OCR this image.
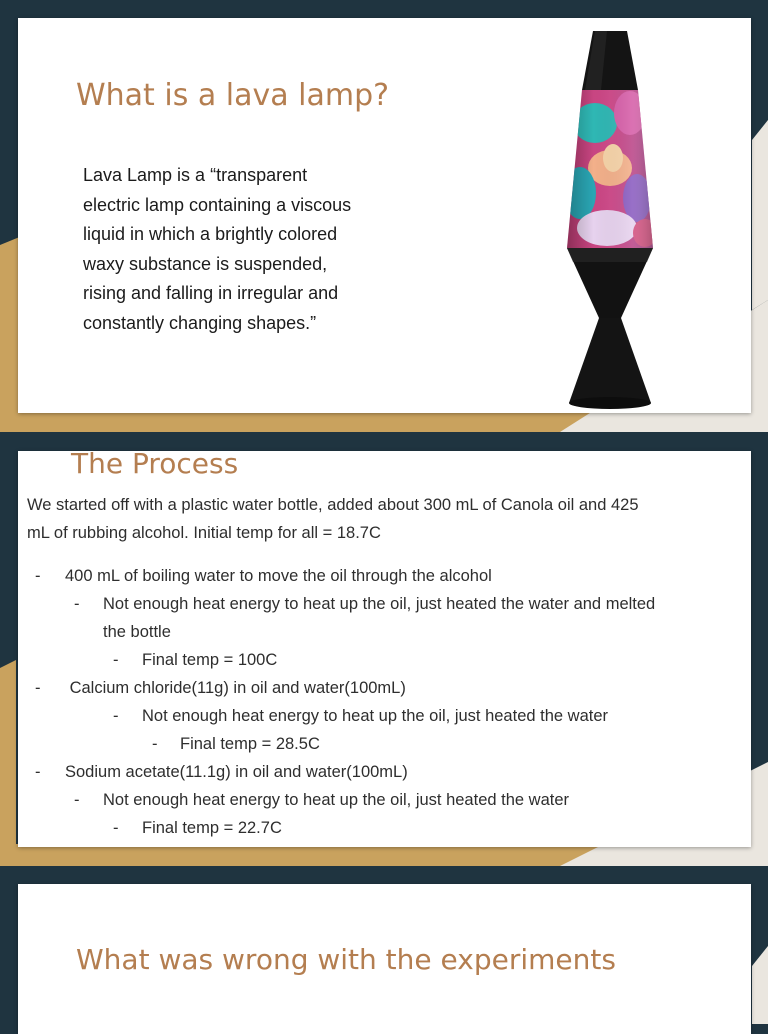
What is a lava lamp?

Lava Lamp is a “transparent

electric lamp containing a viscous

liquid in which a brightly colored

waxy substance is suspended,

rising and falling in irregular and

constantly changing shapes.”

The Process

We started off with a plastic water bottle, added about 300 mL of Canola oil and 425

mL of rubbing alcohol. Initial temp for all = 18.7C

- 400 mL of boiling water to move the oil through the alcohol
- Not enough heat energy to heat up the oil, just heated the water and melted
the bottle
- Final temp = 100C
- Calcium chloride(11g) in oil and water(100mL)
- Not enough heat energy to heat up the oil, just heated the water
- Final temp = 28.5C
- Sodium acetate(11.1g) in oil and water(100mL)
- Not enough heat energy to heat up the oil, just heated the water
- Final temp = 22.7C
What was wrong with the experiments
